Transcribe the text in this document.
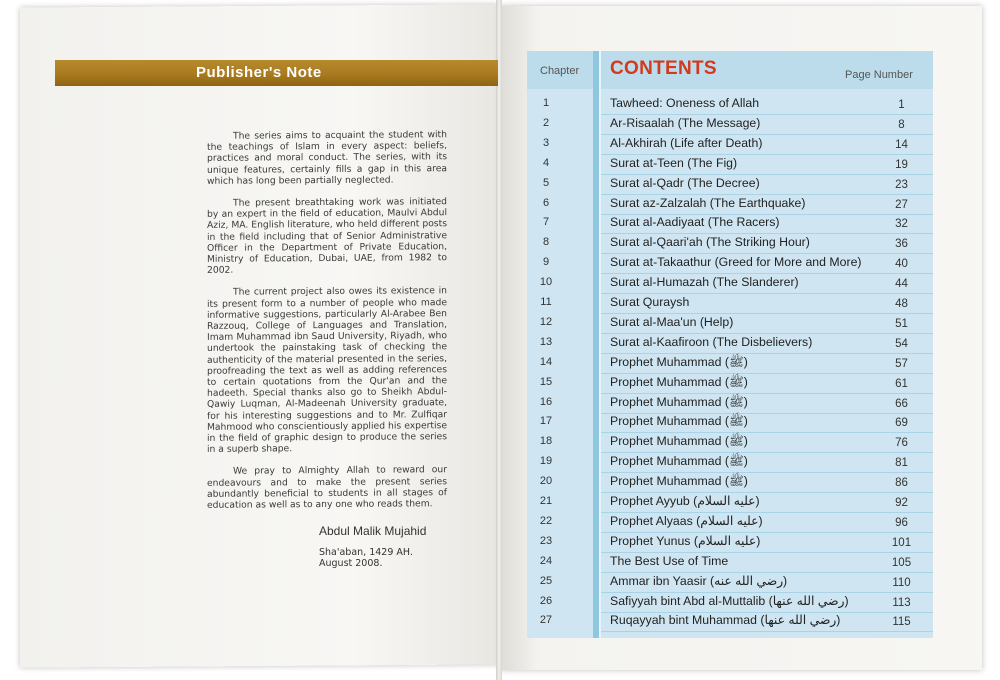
Publisher's Note

The series aims to acquaint the student with the teachings of Islam in every aspect: beliefs, practices and moral conduct. The series, with its unique features, certainly fills a gap in this area which has long been partially neglected.

The present breathtaking work was initiated by an expert in the field of education, Maulvi Abdul Aziz, MA. English literature, who held different posts in the field including that of Senior Administrative Officer in the Department of Private Education, Ministry of Education, Dubai, UAE, from 1982 to 2002.

The current project also owes its existence in its present form to a number of people who made informative suggestions, particularly Al-Arabee Ben Razzouq, College of Languages and Translation, Imam Muhammad ibn Saud University, Riyadh, who undertook the painstaking task of checking the authenticity of the material presented in the series, proofreading the text as well as adding references to certain quotations from the Qur'an and the hadeeth. Special thanks also go to Sheikh Abdul-Qawiy Luqman, Al-Madeenah University graduate, for his interesting suggestions and to Mr. Zulfiqar Mahmood who conscientiously applied his expertise in the field of graphic design to produce the series in a superb shape.

We pray to Almighty Allah to reward our endeavours and to make the present series abundantly beneficial to students in all stages of education as well as to any one who reads them.

Abdul Malik Mujahid
Sha'aban, 1429 AH.
August 2008.
Chapter CONTENTS	Page Number
1	Tawheed: Oneness of Allah	1
2	Ar-Risaalah (The Message)	8
3	Al-Akhirah (Life after Death)	14
4	Surat at-Teen (The Fig)	19
5	Surat al-Qadr (The Decree)	23
6	Surat az-Zalzalah (The Earthquake)	27
7	Surat al-Aadiyaat (The Racers)	32
8	Surat al-Qaari'ah (The Striking Hour)	36
9	Surat at-Takaathur (Greed for More and More)	40
10	Surat al-Humazah (The Slanderer)	44
11	Surat Quraysh	48
12	Surat al-Maa'un (Help)	51
13	Surat al-Kaafiroon (The Disbelievers)	54
14	Prophet Muhammad (ﷺ)	57
15	Prophet Muhammad (ﷺ)	61
16	Prophet Muhammad (ﷺ)	66
17	Prophet Muhammad (ﷺ)	69
18	Prophet Muhammad (ﷺ)	76
19	Prophet Muhammad (ﷺ)	81
20	Prophet Muhammad (ﷺ)	86
21	Prophet Ayyub (عليه السلام)	92
22	Prophet Alyaas (عليه السلام)	96
23	Prophet Yunus (عليه السلام)	101
24	The Best Use of Time	105
25	Ammar ibn Yaasir (رضي الله عنه)	110
26	Safiyyah bint Abd al-Muttalib (رضي الله عنها)	113
27	Ruqayyah bint Muhammad (رضي الله عنها)	115
